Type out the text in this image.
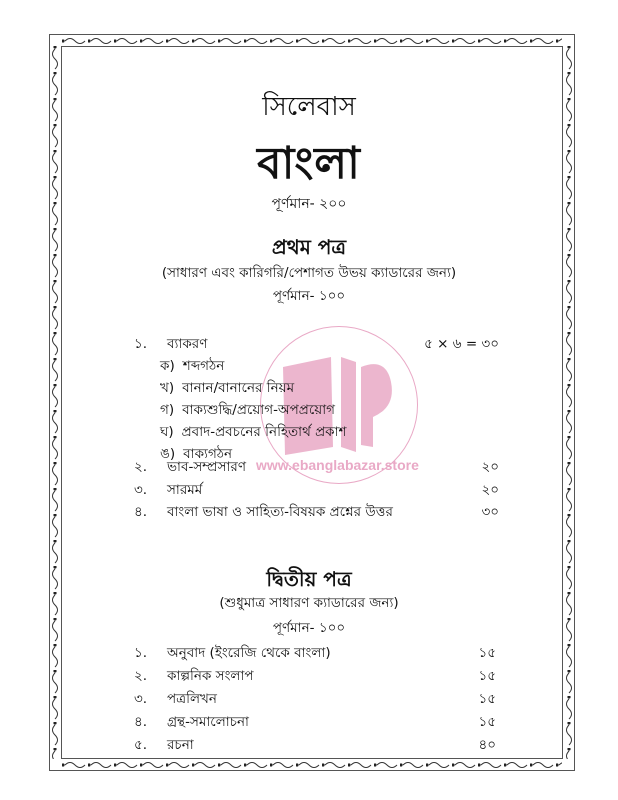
www.ebanglabazar.store
সিলেবাস
বাংলা
পূর্ণমান- ২০০
প্রথম পত্র
(সাধারণ এবং কারিগরি/পেশাগত উভয় ক্যাডারের জন্য)
পূর্ণমান- ১০০
১. ব্যাকরণ	৫ × ৬ = ৩০
ক) শব্দগঠন
খ) বানান/বানানের নিয়ম
গ) বাক্যশুদ্ধি/প্রয়োগ-অপপ্রয়োগ
ঘ) প্রবাদ-প্রবচনের নিহিতার্থ প্রকাশ
ঙ) বাক্যগঠন
২. ভাব-সম্প্রসারণ	২০
৩. সারমর্ম	২০
৪. বাংলা ভাষা ও সাহিত্য-বিষয়ক প্রশ্নের উত্তর	৩০
দ্বিতীয় পত্র
(শুধুমাত্র সাধারণ ক্যাডারের জন্য)
পূর্ণমান- ১০০
১. অনুবাদ (ইংরেজি থেকে বাংলা)	১৫
২. কাল্পনিক সংলাপ	১৫
৩. পত্রলিখন	১৫
৪. গ্রন্থ-সমালোচনা	১৫
৫. রচনা	৪০
